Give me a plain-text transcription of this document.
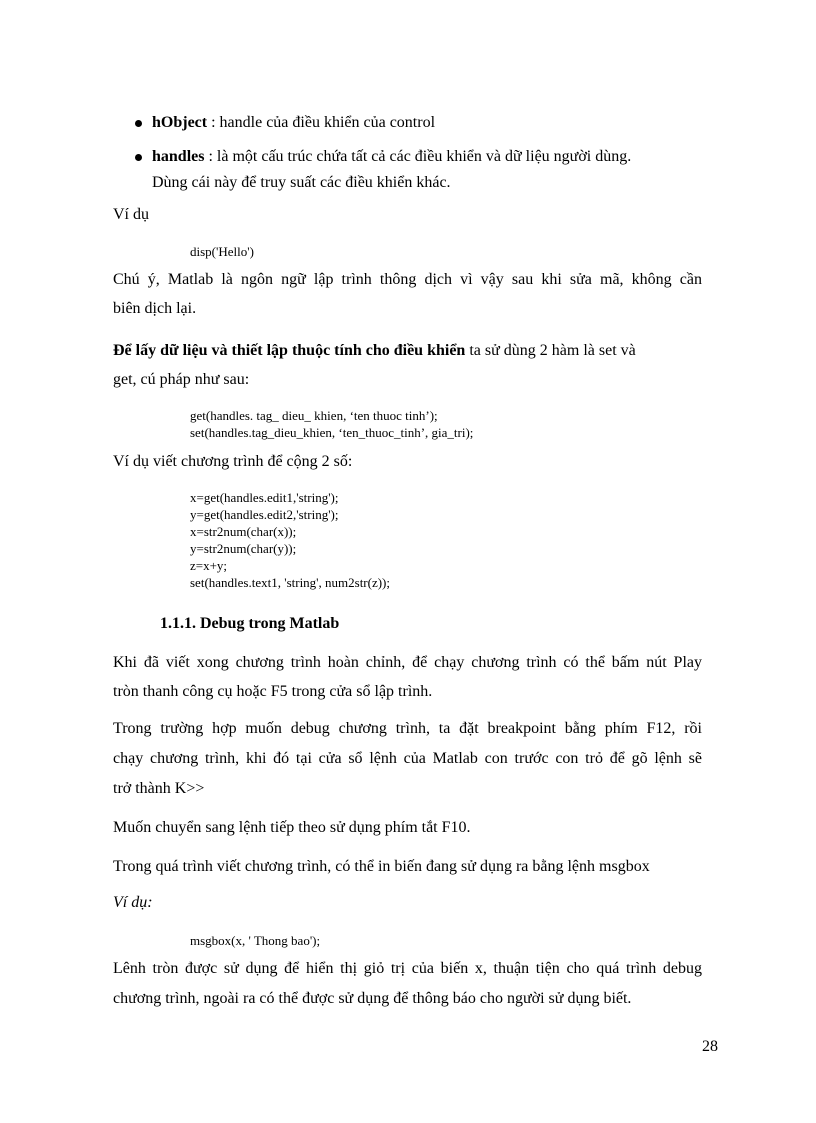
hObject : handle của điều khiển của control
handles : là một cấu trúc chứa tất cả các điều khiển và dữ liệu người dùng.
Dùng cái này để truy suất các điều khiển khác.
Ví dụ
disp('Hello')
Chú ý, Matlab là ngôn ngữ lập trình thông dịch vì vậy sau khi sửa mã, không cần
biên dịch lại.
Để lấy dữ liệu và thiết lập thuộc tính cho điều khiển ta sử dùng 2 hàm là set và
get, cú pháp như sau:
get(handles. tag_ dieu_ khien, ‘ten thuoc tinh’);
set(handles.tag_dieu_khien, ‘ten_thuoc_tinh’, gia_tri);
Ví dụ viết chương trình để cộng 2 số:
x=get(handles.edit1,'string');
y=get(handles.edit2,'string');
x=str2num(char(x));
y=str2num(char(y));
z=x+y;
set(handles.text1, 'string', num2str(z));
1.1.1. Debug trong Matlab
Khi đã viết xong chương trình hoàn chỉnh, để chạy chương trình có thể bấm nút Play
tròn thanh công cụ hoặc F5 trong cửa sổ lập trình.
Trong trường hợp muốn debug chương trình, ta đặt breakpoint bằng phím F12, rồi
chạy chương trình, khi đó tại cửa sổ lệnh của Matlab con trước con trỏ để gõ lệnh sẽ
trở thành K>>
Muốn chuyển sang lệnh tiếp theo sử dụng phím tắt F10.
Trong quá trình viết chương trình, có thể in biến đang sử dụng ra bằng lệnh msgbox
Ví dụ:
msgbox(x, ' Thong bao');
Lênh tròn được sử dụng để hiển thị giỏ trị của biến x, thuận tiện cho quá trình debug
chương trình, ngoài ra có thể được sử dụng để thông báo cho người sử dụng biết.
28
